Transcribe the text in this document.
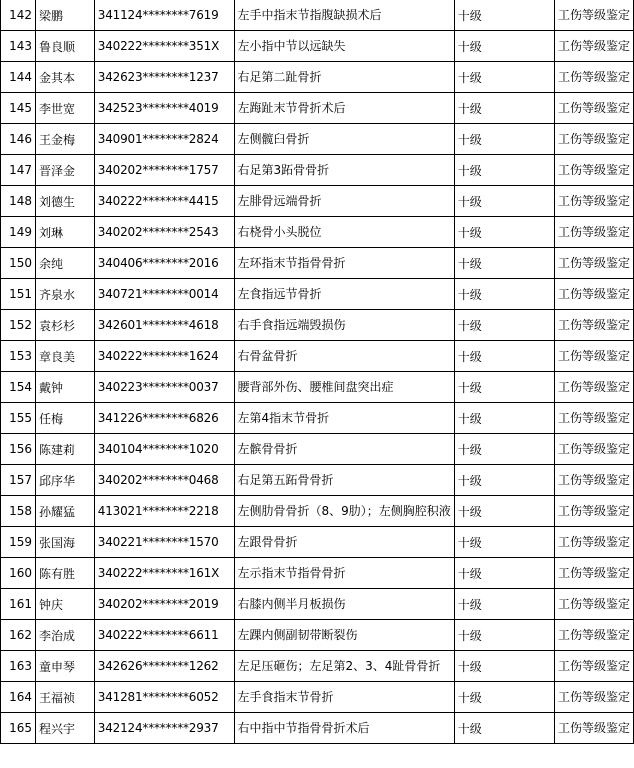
142	梁鹏	341124********7619	左手中指末节指腹缺损术后	十级	工伤等级鉴定
143	鲁良顺	340222********351X	左小指中节以远缺失	十级	工伤等级鉴定
144	金其本	342623********1237	右足第二趾骨折	十级	工伤等级鉴定
145	李世宽	342523********4019	左踇趾末节骨折术后	十级	工伤等级鉴定
146	王金梅	340901********2824	左侧髋臼骨折	十级	工伤等级鉴定
147	晋泽金	340202********1757	右足第3跖骨骨折	十级	工伤等级鉴定
148	刘德生	340222********4415	左腓骨远端骨折	十级	工伤等级鉴定
149	刘琳	340202********2543	右桡骨小头脱位	十级	工伤等级鉴定
150	余纯	340406********2016	左环指末节指骨骨折	十级	工伤等级鉴定
151	齐泉水	340721********0014	左食指远节骨折	十级	工伤等级鉴定
152	袁杉杉	342601********4618	右手食指远端毁损伤	十级	工伤等级鉴定
153	章良美	340222********1624	右骨盆骨折	十级	工伤等级鉴定
154	戴钟	340223********0037	腰背部外伤、腰椎间盘突出症	十级	工伤等级鉴定
155	任梅	341226********6826	左第4指末节骨折	十级	工伤等级鉴定
156	陈建莉	340104********1020	左髌骨骨折	十级	工伤等级鉴定
157	邱序华	340202********0468	右足第五跖骨骨折	十级	工伤等级鉴定
158	孙耀猛	413021********2218	左侧肋骨骨折（8、9肋）；左侧胸腔积液	十级	工伤等级鉴定
159	张国海	340221********1570	左跟骨骨折	十级	工伤等级鉴定
160	陈有胜	340222********161X	左示指末节指骨骨折	十级	工伤等级鉴定
161	钟庆	340202********2019	右膝内侧半月板损伤	十级	工伤等级鉴定
162	李治成	340222********6611	左踝内侧副韧带断裂伤	十级	工伤等级鉴定
163	童申琴	342626********1262	左足压砸伤；左足第2、3、4趾骨骨折	十级	工伤等级鉴定
164	王福祯	341281********6052	左手食指末节骨折	十级	工伤等级鉴定
165	程兴宇	342124********2937	右中指中节指骨骨折术后	十级	工伤等级鉴定
